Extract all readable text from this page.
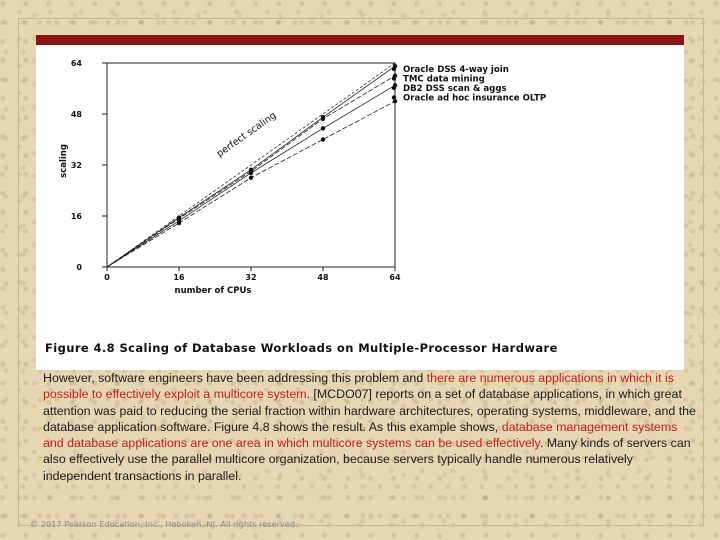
0
16
32
48
64
0	16	32	48	64
number of CPUs
scaling
Oracle DSS 4-way join
TMC data mining
DB2 DSS scan & aggs
Oracle ad hoc insurance OLTP
perfect scaling

Figure 4.8 Scaling of Database Workloads on Multiple-Processor Hardware

However, software engineers have been addressing this problem and there are numerous applications in which it is possible to effectively exploit a multicore system. [MCDO07] reports on a set of database applications, in which great attention was paid to reducing the serial fraction within hardware architectures, operating systems, middleware, and the database application software. Figure 4.8 shows the result. As this example shows, database management systems and database applications are one area in which multicore systems can be used effectively. Many kinds of servers can also effectively use the parallel multicore organization, because servers typically handle numerous relatively independent transactions in parallel.

© 2017 Pearson Education, Inc., Hoboken, NJ. All rights reserved.
